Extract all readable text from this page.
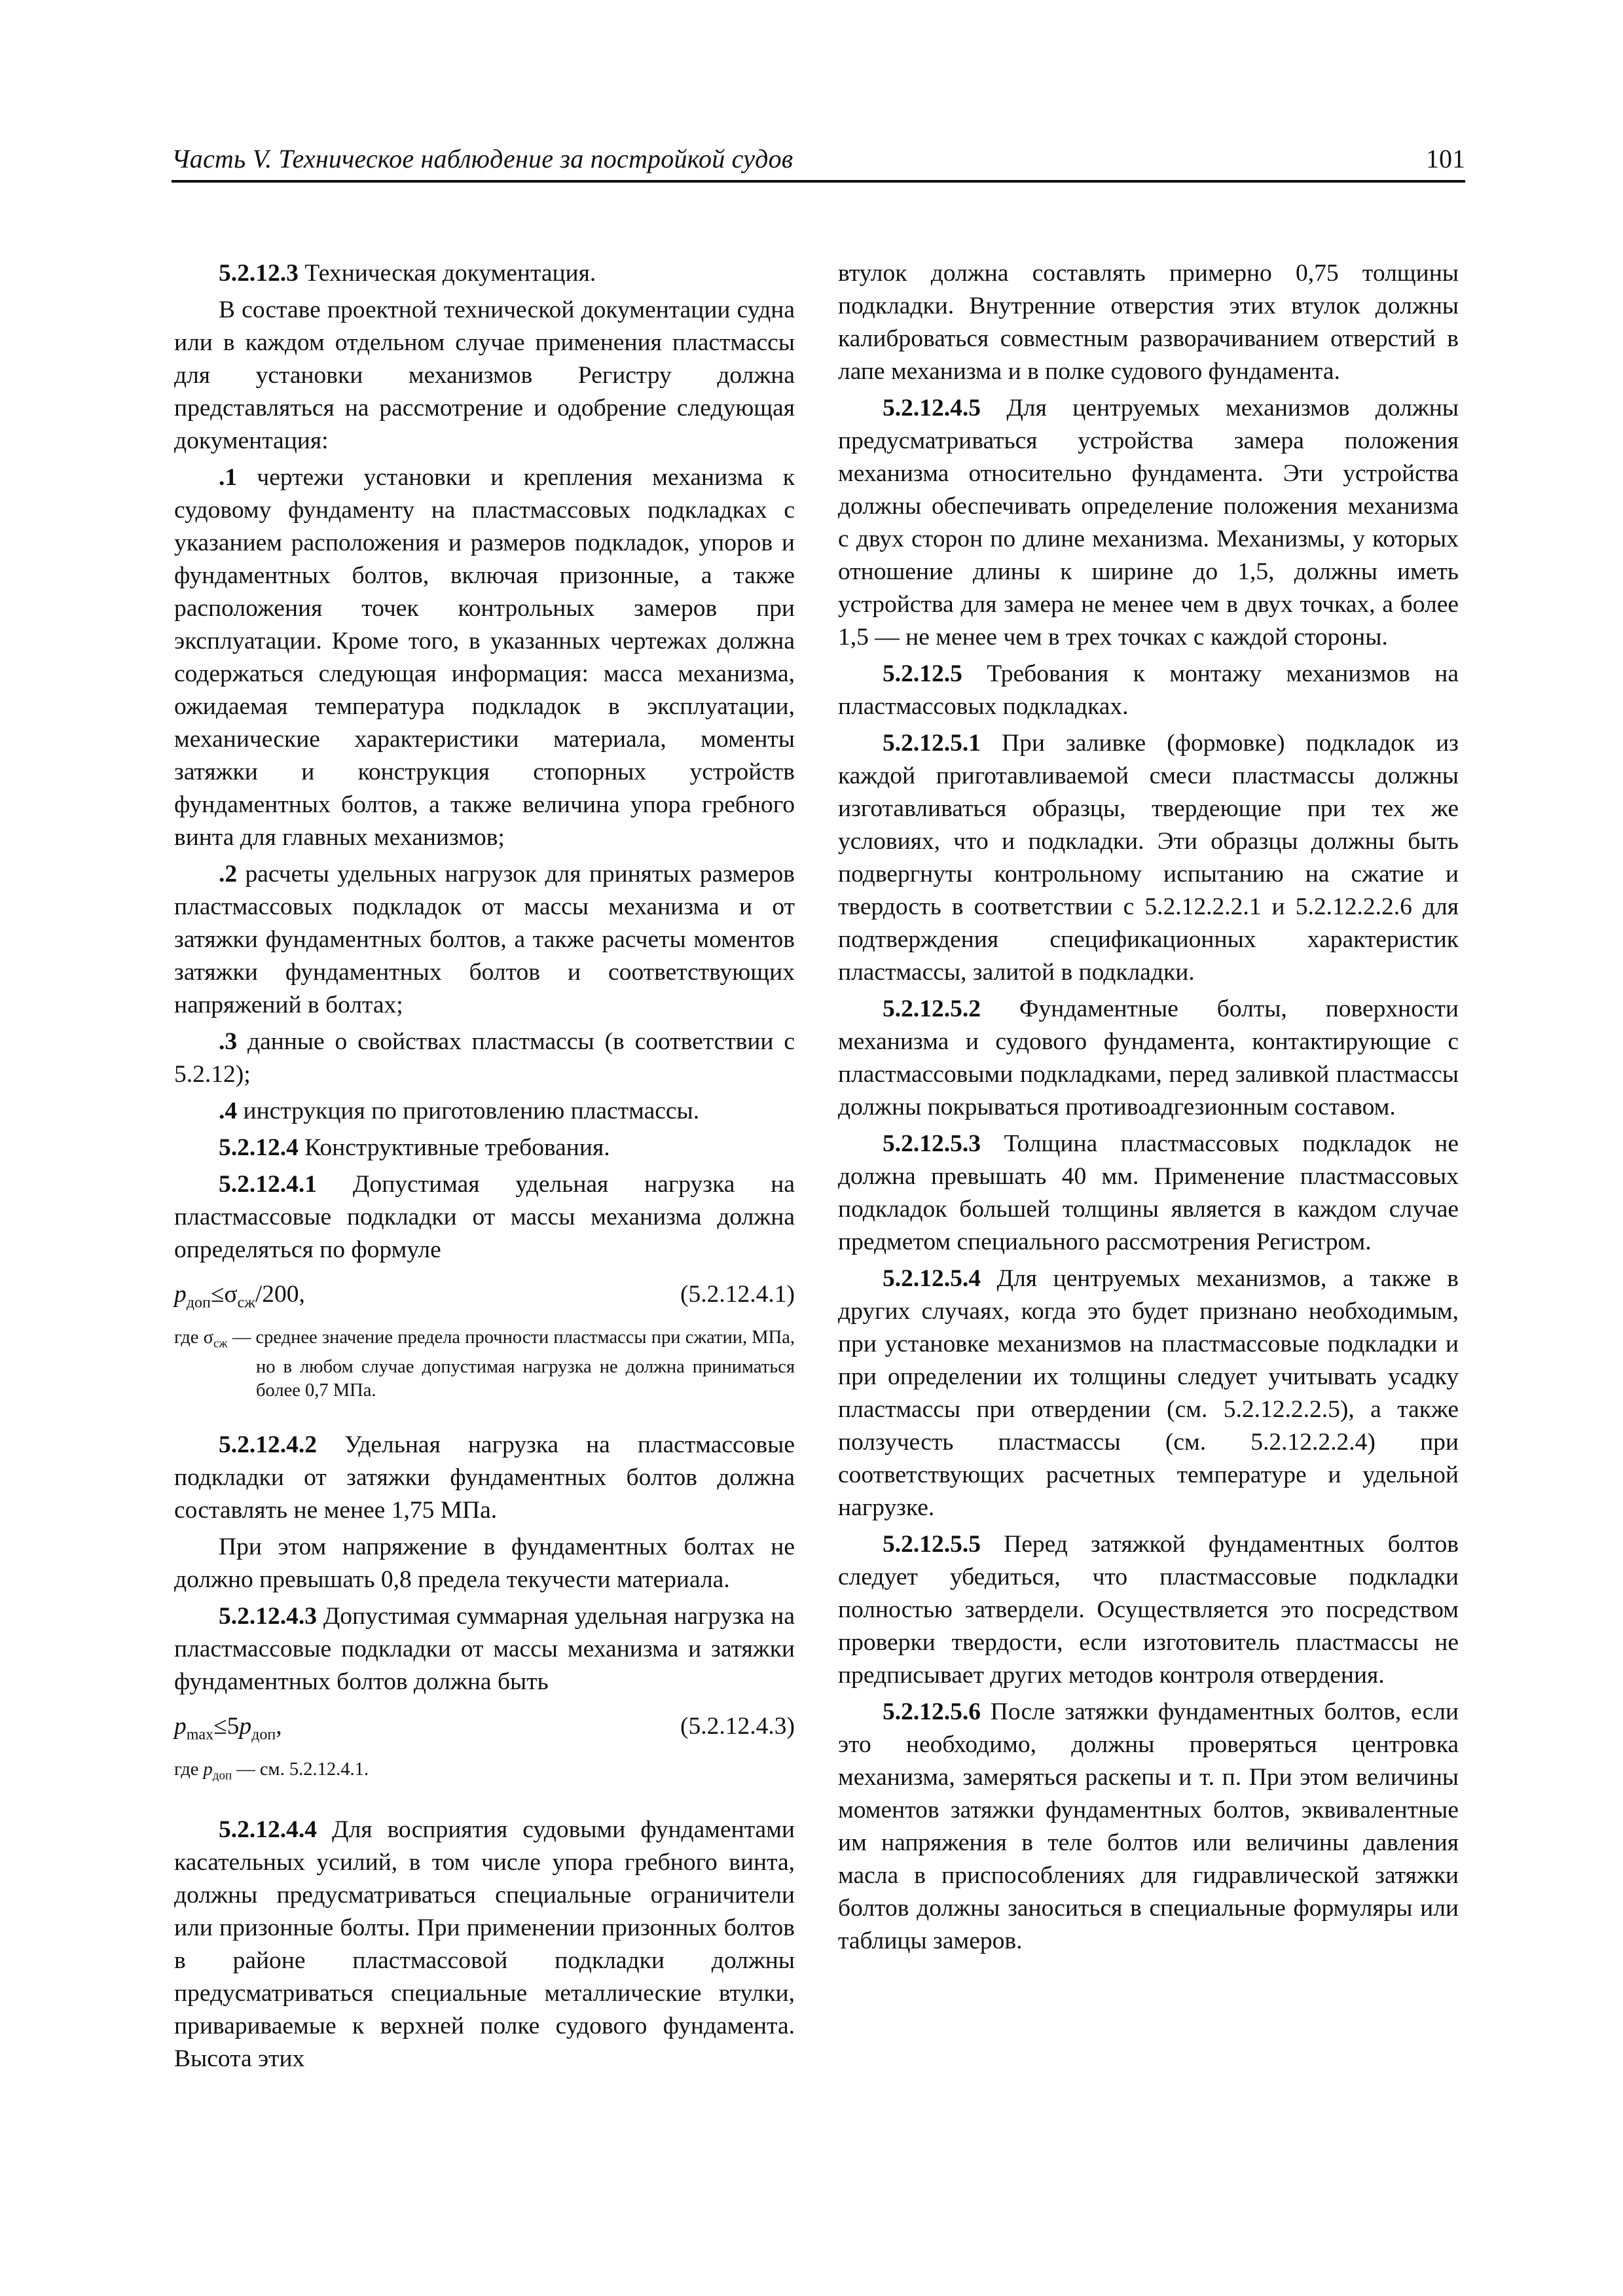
Часть V. Техническое наблюдение за постройкой судов	101

5.2.12.3 Техническая документация.

В составе проектной технической документации судна или в каждом отдельном случае применения пластмассы для установки механизмов Регистру должна представляться на рассмотрение и одобрение следующая документация:

.1 чертежи установки и крепления механизма к судовому фундаменту на пластмассовых подкладках с указанием расположения и размеров подкладок, упоров и фундаментных болтов, включая призонные, а также расположения точек контрольных замеров при эксплуатации. Кроме того, в указанных чертежах должна содержаться следующая информация: масса механизма, ожидаемая температура подкладок в эксплуатации, механические характеристики материала, моменты затяжки и конструкция стопорных устройств фундаментных болтов, а также величина упора гребного винта для главных механизмов;

.2 расчеты удельных нагрузок для принятых размеров пластмассовых подкладок от массы механизма и от затяжки фундаментных болтов, а также расчеты моментов затяжки фундаментных болтов и соответствующих напряжений в болтах;

.3 данные о свойствах пластмассы (в соответствии с 5.2.12);

.4 инструкция по приготовлению пластмассы.

5.2.12.4 Конструктивные требования.

5.2.12.4.1 Допустимая удельная нагрузка на пластмассовые подкладки от массы механизма должна определяться по формуле

$p_{доп}\le\sigma_{сж}/200$,	(5.2.12.4.1)
где $\sigma_{сж}$ — среднее значение предела прочности пластмассы при сжатии, МПа, но в любом случае допустимая нагрузка не должна приниматься более 0,7 МПа.

5.2.12.4.2 Удельная нагрузка на пластмассовые подкладки от затяжки фундаментных болтов должна составлять не менее 1,75 МПа.

При этом напряжение в фундаментных болтах не должно превышать 0,8 предела текучести материала.

5.2.12.4.3 Допустимая суммарная удельная нагрузка на пластмассовые подкладки от массы механизма и затяжки фундаментных болтов должна быть

$p_{max}\le 5p_{доп}$,	(5.2.12.4.3)
где $p_{доп}$ — см. 5.2.12.4.1.

5.2.12.4.4 Для восприятия судовыми фундаментами касательных усилий, в том числе упора гребного винта, должны предусматриваться специальные ограничители или призонные болты. При применении призонных болтов в районе пластмассовой подкладки должны предусматриваться специальные металлические втулки, привариваемые к верхней полке судового фундамента. Высота этих

втулок должна составлять примерно 0,75 толщины подкладки. Внутренние отверстия этих втулок должны калиброваться совместным разворачиванием отверстий в лапе механизма и в полке судового фундамента.

5.2.12.4.5 Для центруемых механизмов должны предусматриваться устройства замера положения механизма относительно фундамента. Эти устройства должны обеспечивать определение положения механизма с двух сторон по длине механизма. Механизмы, у которых отношение длины к ширине до 1,5, должны иметь устройства для замера не менее чем в двух точках, а более 1,5 — не менее чем в трех точках с каждой стороны.

5.2.12.5 Требования к монтажу механизмов на пластмассовых подкладках.

5.2.12.5.1 При заливке (формовке) подкладок из каждой приготавливаемой смеси пластмассы должны изготавливаться образцы, твердеющие при тех же условиях, что и подкладки. Эти образцы должны быть подвергнуты контрольному испытанию на сжатие и твердость в соответствии с 5.2.12.2.2.1 и 5.2.12.2.2.6 для подтверждения спецификационных характеристик пластмассы, залитой в подкладки.

5.2.12.5.2 Фундаментные болты, поверхности механизма и судового фундамента, контактирующие с пластмассовыми подкладками, перед заливкой пластмассы должны покрываться противоадгезионным составом.

5.2.12.5.3 Толщина пластмассовых подкладок не должна превышать 40 мм. Применение пластмассовых подкладок большей толщины является в каждом случае предметом специального рассмотрения Регистром.

5.2.12.5.4 Для центруемых механизмов, а также в других случаях, когда это будет признано необходимым, при установке механизмов на пластмассовые подкладки и при определении их толщины следует учитывать усадку пластмассы при отвердении (см. 5.2.12.2.2.5), а также ползучесть пластмассы (см. 5.2.12.2.2.4) при соответствующих расчетных температуре и удельной нагрузке.

5.2.12.5.5 Перед затяжкой фундаментных болтов следует убедиться, что пластмассовые подкладки полностью затвердели. Осуществляется это посредством проверки твердости, если изготовитель пластмассы не предписывает других методов контроля отвердения.

5.2.12.5.6 После затяжки фундаментных болтов, если это необходимо, должны проверяться центровка механизма, замеряться раскепы и т. п. При этом величины моментов затяжки фундаментных болтов, эквивалентные им напряжения в теле болтов или величины давления масла в приспособлениях для гидравлической затяжки болтов должны заноситься в специальные формуляры или таблицы замеров.
